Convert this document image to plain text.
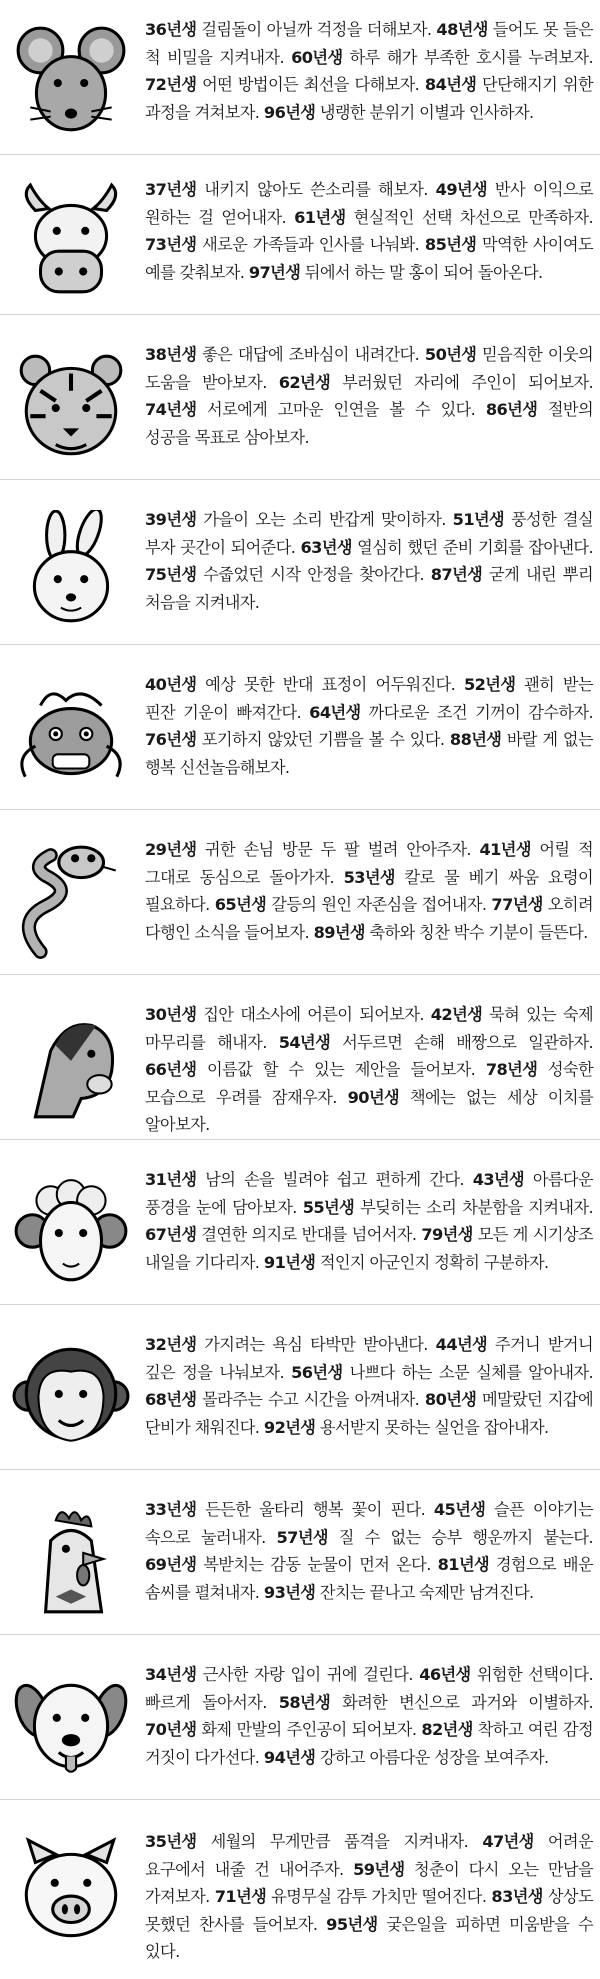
36년생 걸림돌이 아닐까 걱정을 더해보자. 48년생 들어도 못 들은 척 비밀을 지켜내자. 60년생 하루 해가 부족한 호시를 누려보자. 72년생 어떤 방법이든 최선을 다해보자. 84년생 단단해지기 위한 과정을 겨쳐보자. 96년생 냉랭한 분위기 이별과 인사하자.
37년생 내키지 않아도 쓴소리를 해보자. 49년생 반사 이익으로 원하는 걸 얻어내자. 61년생 현실적인 선택 차선으로 만족하자. 73년생 새로운 가족들과 인사를 나눠봐. 85년생 막역한 사이여도 예를 갖춰보자. 97년생 뒤에서 하는 말 홍이 되어 돌아온다.
38년생 좋은 대답에 조바심이 내려간다. 50년생 믿음직한 이웃의 도움을 받아보자. 62년생 부러웠던 자리에 주인이 되어보자. 74년생 서로에게 고마운 인연을 볼 수 있다. 86년생 절반의 성공을 목표로 삼아보자.
39년생 가을이 오는 소리 반갑게 맞이하자. 51년생 풍성한 결실 부자 곳간이 되어준다. 63년생 열심히 했던 준비 기회를 잡아낸다. 75년생 수줍었던 시작 안정을 찾아간다. 87년생 굳게 내린 뿌리 처음을 지켜내자.
40년생 예상 못한 반대 표정이 어두워진다. 52년생 괜히 받는 핀잔 기운이 빠져간다. 64년생 까다로운 조건 기꺼이 감수하자. 76년생 포기하지 않았던 기쁨을 볼 수 있다. 88년생 바랄 게 없는 행복 신선놀음해보자.
29년생 귀한 손님 방문 두 팔 벌려 안아주자. 41년생 어릴 적 그대로 동심으로 돌아가자. 53년생 칼로 물 베기 싸움 요령이 필요하다. 65년생 갈등의 원인 자존심을 접어내자. 77년생 오히려 다행인 소식을 들어보자. 89년생 축하와 칭찬 박수 기분이 들뜬다.
30년생 집안 대소사에 어른이 되어보자. 42년생 묵혀 있는 숙제 마무리를 해내자. 54년생 서두르면 손해 배짱으로 일관하자. 66년생 이름값 할 수 있는 제안을 들어보자. 78년생 성숙한 모습으로 우려를 잠재우자. 90년생 책에는 없는 세상 이치를 알아보자.
31년생 남의 손을 빌려야 쉽고 편하게 간다. 43년생 아름다운 풍경을 눈에 담아보자. 55년생 부딪히는 소리 차분함을 지켜내자. 67년생 결연한 의지로 반대를 넘어서자. 79년생 모든 게 시기상조 내일을 기다리자. 91년생 적인지 아군인지 정확히 구분하자.
32년생 가지려는 욕심 타박만 받아낸다. 44년생 주거니 받거니 깊은 정을 나눠보자. 56년생 나쁘다 하는 소문 실체를 알아내자. 68년생 몰라주는 수고 시간을 아껴내자. 80년생 메말랐던 지갑에 단비가 채워진다. 92년생 용서받지 못하는 실언을 잡아내자.
33년생 든든한 울타리 행복 꽃이 핀다. 45년생 슬픈 이야기는 속으로 눌러내자. 57년생 질 수 없는 승부 행운까지 붙는다. 69년생 복받치는 감동 눈물이 먼저 온다. 81년생 경험으로 배운 솜씨를 펼쳐내자. 93년생 잔치는 끝나고 숙제만 남겨진다.
34년생 근사한 자랑 입이 귀에 걸린다. 46년생 위험한 선택이다. 빠르게 돌아서자. 58년생 화려한 변신으로 과거와 이별하자. 70년생 화제 만발의 주인공이 되어보자. 82년생 착하고 여린 감정 거짓이 다가선다. 94년생 강하고 아름다운 성장을 보여주자.
35년생 세월의 무게만큼 품격을 지켜내자. 47년생 어려운 요구에서 내줄 건 내어주자. 59년생 청춘이 다시 오는 만남을 가져보자. 71년생 유명무실 감투 가치만 떨어진다. 83년생 상상도 못했던 찬사를 들어보자. 95년생 궂은일을 피하면 미움받을 수 있다.
